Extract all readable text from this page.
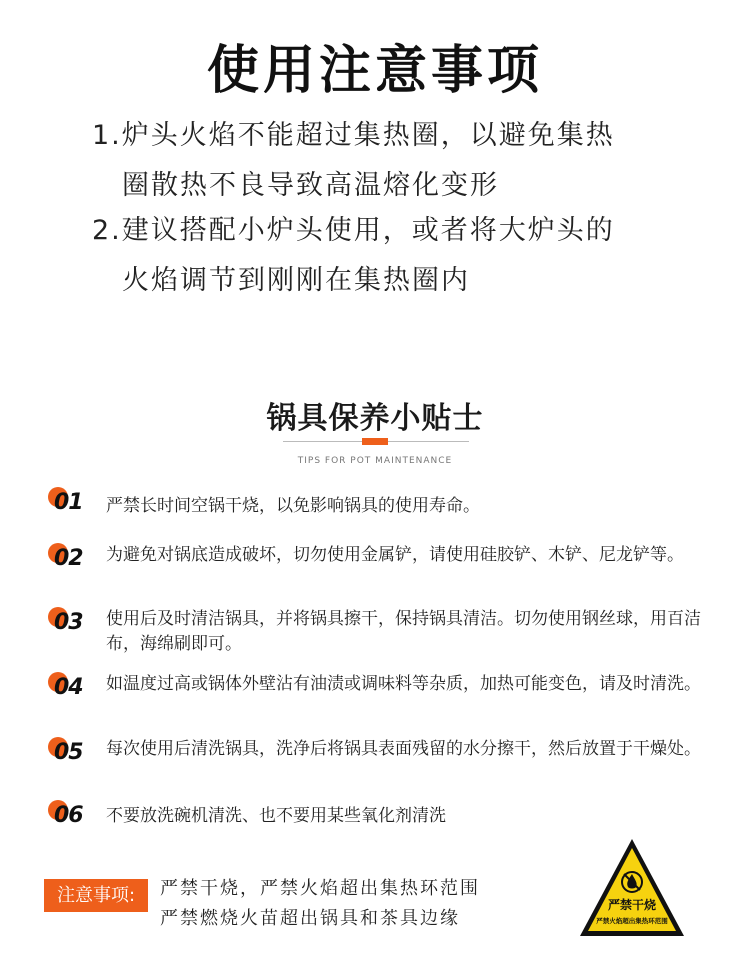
使用注意事项
1.炉头火焰不能超过集热圈，以避免集热
圈散热不良导致高温熔化变形
2.建议搭配小炉头使用，或者将大炉头的
火焰调节到刚刚在集热圈内
锅具保养小贴士
TIPS FOR POT MAINTENANCE
01 严禁长时间空锅干烧，以免影响锅具的使用寿命。
02 为避免对锅底造成破坏，切勿使用金属铲，请使用硅胶铲、木铲、尼龙铲等。
03 使用后及时清洁锅具，并将锅具擦干，保持锅具清洁。切勿使用钢丝球，用百洁布，海绵刷即可。
04 如温度过高或锅体外壁沾有油渍或调味料等杂质，加热可能变色，请及时清洗。
05 每次使用后清洗锅具，洗净后将锅具表面残留的水分擦干，然后放置于干燥处。
06 不要放洗碗机清洗、也不要用某些氧化剂清洗
注意事项:	严禁干烧，严禁火焰超出集热环范围
严禁燃烧火苗超出锅具和茶具边缘
严禁干烧
严禁火焰超出集热环范围
